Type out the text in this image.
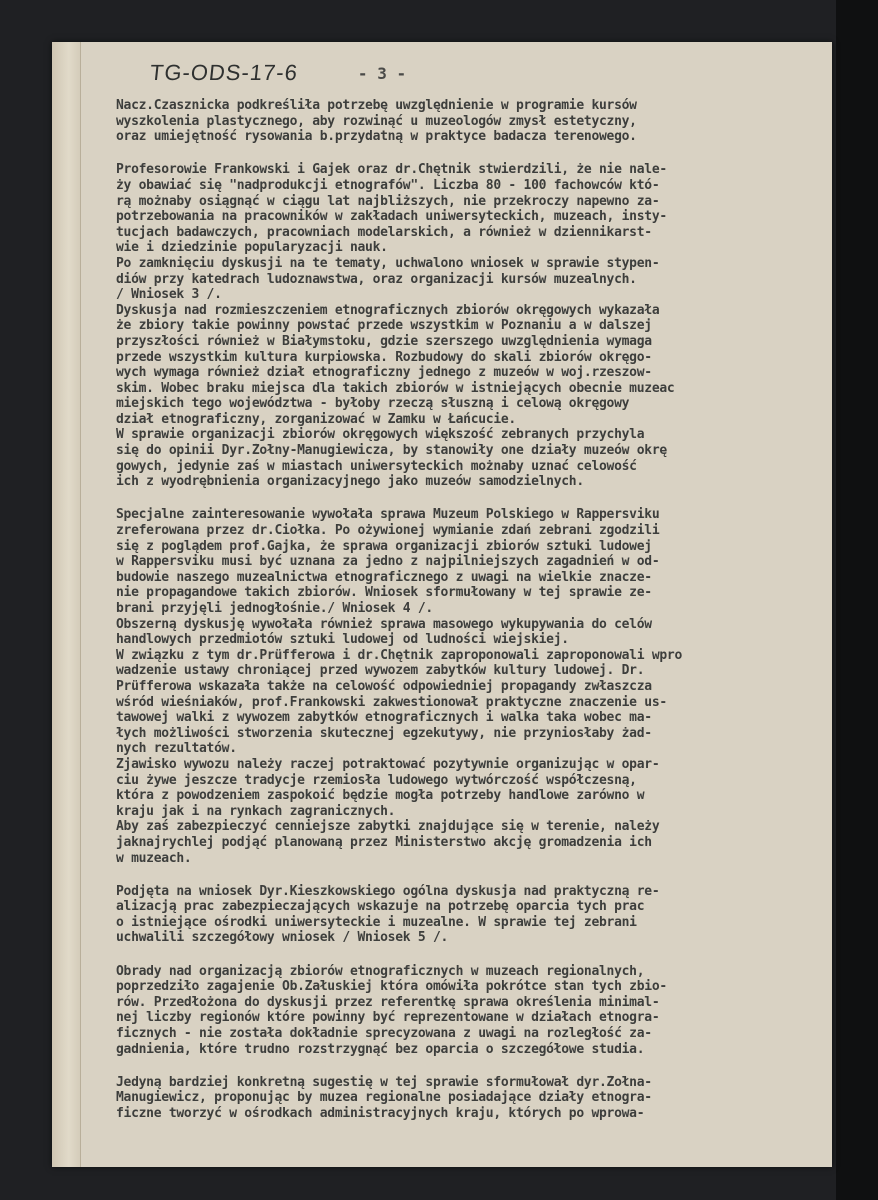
TG-ODS-17-6	- 3 -
Nacz.Czasznicka podkreśliła potrzebę uwzględnienie w programie kursów
wyszkolenia plastycznego, aby rozwinąć u muzeologów zmysł estetyczny,
oraz umiejętność rysowania b.przydatną w praktyce badacza terenowego.
Profesorowie Frankowski i Gajek oraz dr.Chętnik stwierdzili, że nie nale-
ży obawiać się "nadprodukcji etnografów". Liczba 80 - 100 fachowców któ-
rą możnaby osiągnąć w ciągu lat najbliższych, nie przekroczy napewno za-
potrzebowania na pracowników w zakładach uniwersyteckich, muzeach, insty-
tucjach badawczych, pracowniach modelarskich, a również w dziennikarst-
wie i dziedzinie popularyzacji nauk.
Po zamknięciu dyskusji na te tematy, uchwalono wniosek w sprawie stypen-
diów przy katedrach ludoznawstwa, oraz organizacji kursów muzealnych.
/ Wniosek 3 /.
Dyskusja nad rozmieszczeniem etnograficznych zbiorów okręgowych wykazała
że zbiory takie powinny powstać przede wszystkim w Poznaniu a w dalszej
przyszłości również w Białymstoku, gdzie szerszego uwzględnienia wymaga
przede wszystkim kultura kurpiowska. Rozbudowy do skali zbiorów okręgo-
wych wymaga również dział etnograficzny jednego z muzeów w woj.rzeszow-
skim. Wobec braku miejsca dla takich zbiorów w istniejących obecnie muzeac
miejskich tego województwa - byłoby rzeczą słuszną i celową okręgowy
dział etnograficzny, zorganizować w Zamku w Łańcucie.
W sprawie organizacji zbiorów okręgowych większość zebranych przychyla
się do opinii Dyr.Żołny-Manugiewicza, by stanowiły one działy muzeów okrę
gowych, jedynie zaś w miastach uniwersyteckich możnaby uznać celowość
ich z wyodrębnienia organizacyjnego jako muzeów samodzielnych.
Specjalne zainteresowanie wywołała sprawa Muzeum Polskiego w Rappersviku
zreferowana przez dr.Ciołka. Po ożywionej wymianie zdań zebrani zgodzili
się z poglądem prof.Gajka, że sprawa organizacji zbiorów sztuki ludowej
w Rappersviku musi być uznana za jedno z najpilniejszych zagadnień w od-
budowie naszego muzealnictwa etnograficznego z uwagi na wielkie znacze-
nie propagandowe takich zbiorów. Wniosek sformułowany w tej sprawie ze-
brani przyjęli jednogłośnie./ Wniosek 4 /.
Obszerną dyskusję wywołała również sprawa masowego wykupywania do celów
handlowych przedmiotów sztuki ludowej od ludności wiejskiej.
W związku z tym dr.Prüfferowa i dr.Chętnik zaproponowali zaproponowali wpro
wadzenie ustawy chroniącej przed wywozem zabytków kultury ludowej. Dr.
Prüfferowa wskazała także na celowość odpowiedniej propagandy zwłaszcza
wśród wieśniaków, prof.Frankowski zakwestionował praktyczne znaczenie us-
tawowej walki z wywozem zabytków etnograficznych i walka taka wobec ma-
łych możliwości stworzenia skutecznej egzekutywy, nie przyniosłaby żad-
nych rezultatów.
Zjawisko wywozu należy raczej potraktować pozytywnie organizując w opar-
ciu żywe jeszcze tradycje rzemiosła ludowego wytwórczość współczesną,
która z powodzeniem zaspokoić będzie mogła potrzeby handlowe zarówno w
kraju jak i na rynkach zagranicznych.
Aby zaś zabezpieczyć cenniejsze zabytki znajdujące się w terenie, należy
jaknajrychlej podjąć planowaną przez Ministerstwo akcję gromadzenia ich
w muzeach.
Podjęta na wniosek Dyr.Kieszkowskiego ogólna dyskusja nad praktyczną re-
alizacją prac zabezpieczających wskazuje na potrzebę oparcia tych prac
o istniejące ośrodki uniwersyteckie i muzealne. W sprawie tej zebrani
uchwalili szczegółowy wniosek / Wniosek 5 /.
Obrady nad organizacją zbiorów etnograficznych w muzeach regionalnych,
poprzedziło zagajenie Ob.Załuskiej która omówiła pokrótce stan tych zbio-
rów. Przedłożona do dyskusji przez referentkę sprawa określenia minimal-
nej liczby regionów które powinny być reprezentowane w działach etnogra-
ficznych - nie została dokładnie sprecyzowana z uwagi na rozległość za-
gadnienia, które trudno rozstrzygnąć bez oparcia o szczegółowe studia.
Jedyną bardziej konkretną sugestię w tej sprawie sformułował dyr.Żołna-
Manugiewicz, proponując by muzea regionalne posiadające działy etnogra-
ficzne tworzyć w ośrodkach administracyjnych kraju, których po wprowa-
